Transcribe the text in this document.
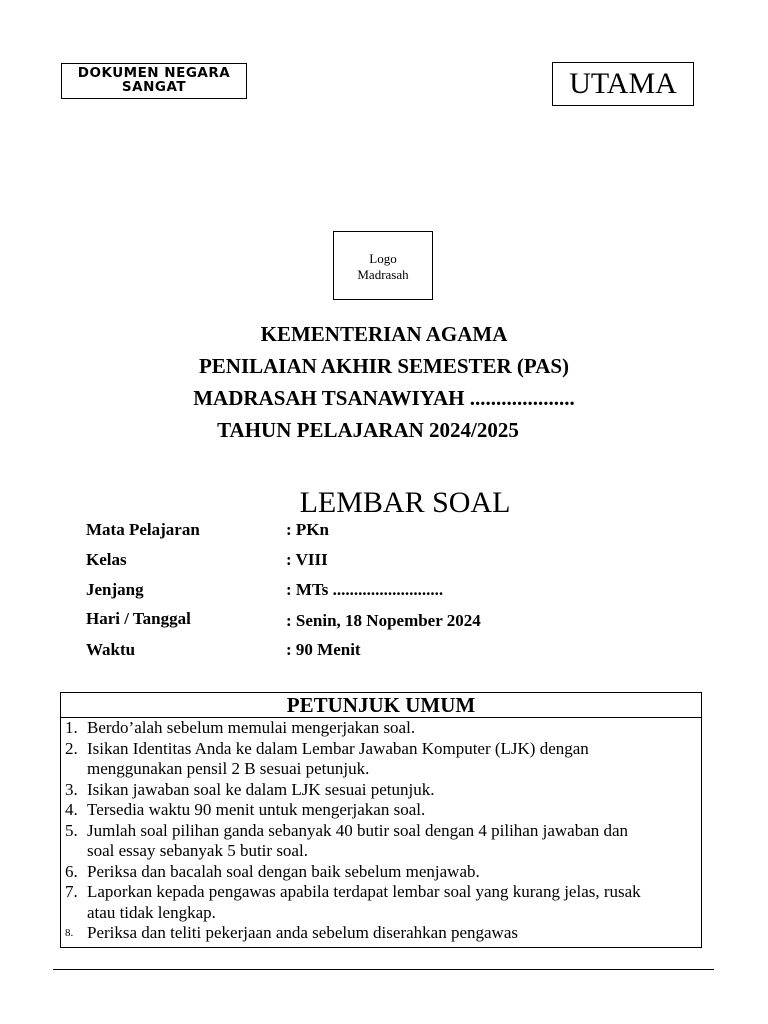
DOKUMEN NEGARA SANGAT	UTAMA
Logo Madrasah
KEMENTERIAN AGAMA
PENILAIAN AKHIR SEMESTER (PAS)
MADRASAH TSANAWIYAH ....................
TAHUN PELAJARAN 2024/2025
LEMBAR SOAL
Mata Pelajaran	: PKn
Kelas	: VIII
Jenjang	: MTs ..........................
Hari / Tanggal	: Senin, 18 Nopember 2024
Waktu	: 90 Menit
PETUNJUK UMUM
1. Berdo’alah sebelum memulai mengerjakan soal.
2. Isikan Identitas Anda ke dalam Lembar Jawaban Komputer (LJK) dengan menggunakan pensil 2 B sesuai petunjuk.
3. Isikan jawaban soal ke dalam LJK sesuai petunjuk.
4. Tersedia waktu 90 menit untuk mengerjakan soal.
5. Jumlah soal pilihan ganda sebanyak 40 butir soal dengan 4 pilihan jawaban dan soal essay sebanyak 5 butir soal.
6. Periksa dan bacalah soal dengan baik sebelum menjawab.
7. Laporkan kepada pengawas apabila terdapat lembar soal yang kurang jelas, rusak atau tidak lengkap.
8. Periksa dan teliti pekerjaan anda sebelum diserahkan pengawas
